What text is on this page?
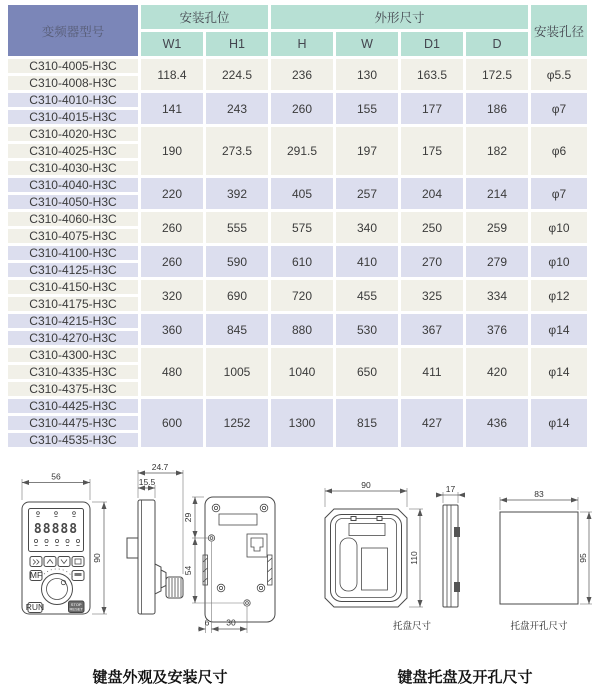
变频器型号	安装孔位		外形尺寸				安装孔径
	W1	H1	H	W	D1	D	
C310-4005-H3C	118.4	224.5	236	130	163.5	172.5	φ5.5
C310-4008-H3C							
C310-4010-H3C	141	243	260	155	177	186	φ7
C310-4015-H3C							
C310-4020-H3C	190	273.5	291.5	197	175	182	φ6
C310-4025-H3C							
C310-4030-H3C							
C310-4040-H3C	220	392	405	257	204	214	φ7
C310-4050-H3C							
C310-4060-H3C	260	555	575	340	250	259	φ10
C310-4075-H3C							
C310-4100-H3C	260	590	610	410	270	279	φ10
C310-4125-H3C							
C310-4150-H3C	320	690	720	455	325	334	φ12
C310-4175-H3C							
C310-4215-H3C	360	845	880	530	367	376	φ14
C310-4270-H3C							
C310-4300-H3C	480	1005	1040	650	411	420	φ14
C310-4335-H3C							
C310-4375-H3C							
C310-4425-H3C	600	1252	1300	815	427	436	φ14
C310-4475-H3C							
C310-4535-H3C							
88888
MF
RUN	STOP
RESET
56
90
24.7
15.5
29
54
6 30
90
110
托盘尺寸
17	83
95
托盘开孔尺寸
键盘外观及安装尺寸	键盘托盘及开孔尺寸
